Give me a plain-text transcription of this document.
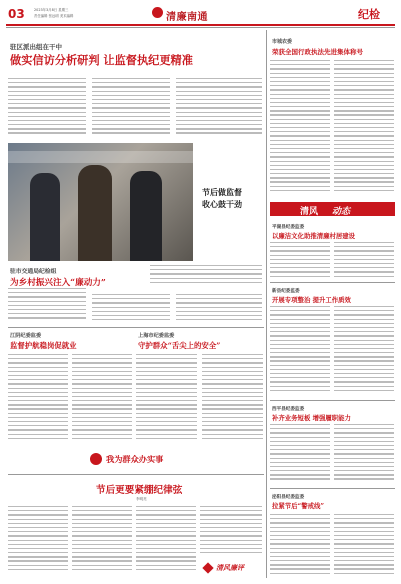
03	2023年3月8日 星期三
责任编辑 张远明 美术编辑	清廉南通	纪检
驻区派出组在干中
做实信访分析研判 让监督执纪更精准
节后做监督
收心鼓干劲
驻市交通局纪检组
为乡村振兴注入“廉动力”
江阴纪委监委
监督护航稳岗促就业
上海市纪委监委
守护群众“舌尖上的安全”
我为群众办实事
节后更要紧绷纪律弦
李明亮
清风廉评
市城农委
荣获全国行政执法先进集体称号
清风 动态
平湖县纪委监委
以廉洁文化助推清廉村居建设
新县纪委监委
开展专项整治 提升工作质效
西平县纪委监委
补齐业务短板 增强履职能力
泌阳县纪委监委
拉紧节后“警戒线”
